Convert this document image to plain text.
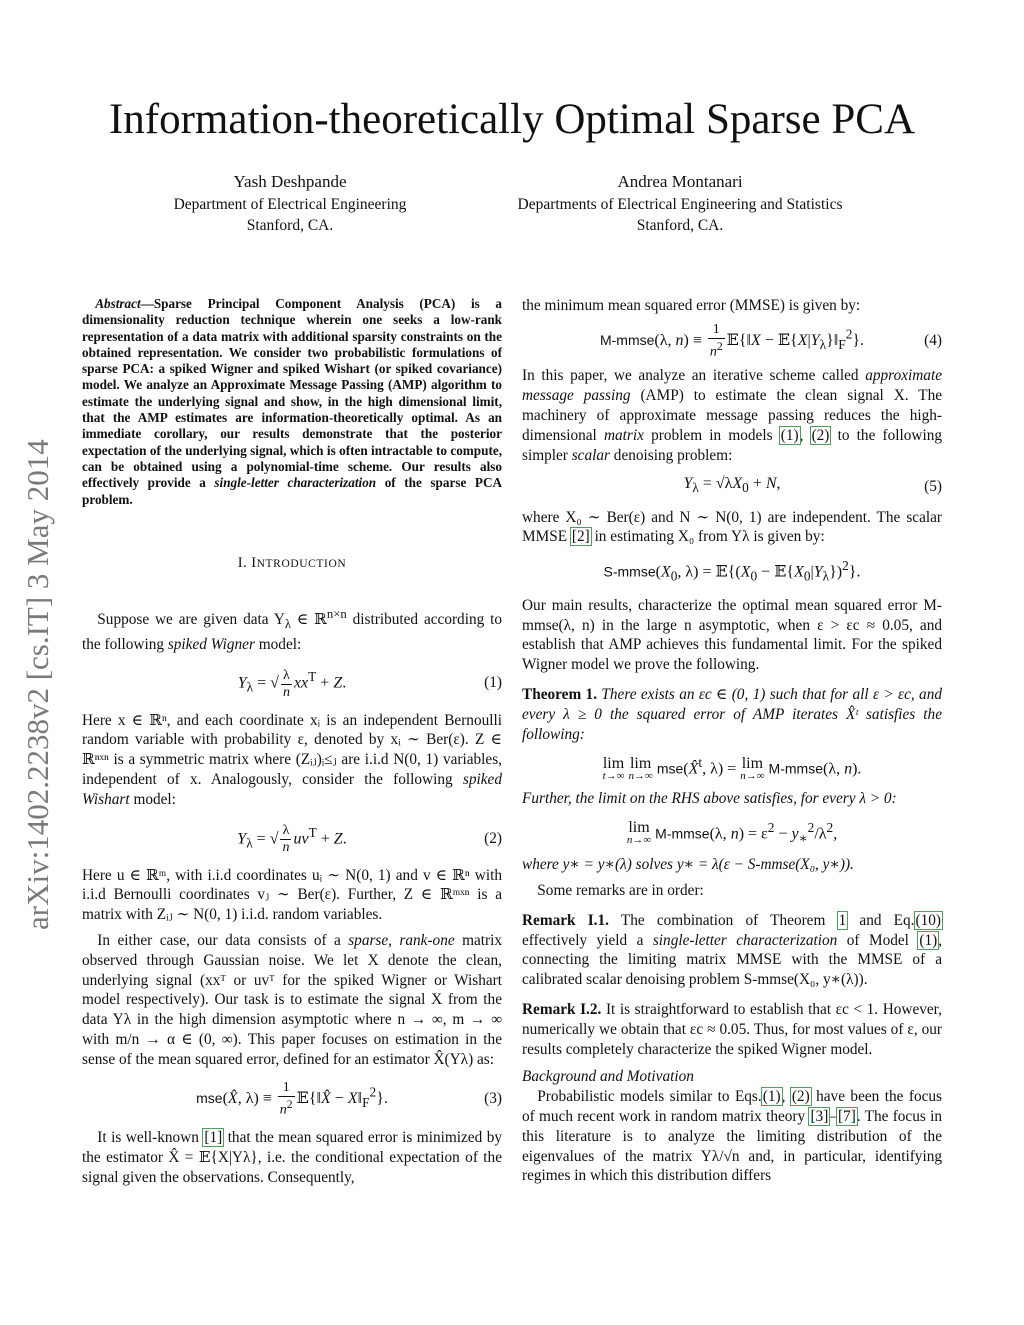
Information-theoretically Optimal Sparse PCA
Yash Deshpande
Department of Electrical Engineering
Stanford, CA.
Andrea Montanari
Departments of Electrical Engineering and Statistics
Stanford, CA.
arXiv:1402.2238v2 [cs.IT] 3 May 2014

Abstract—Sparse Principal Component Analysis (PCA) is a dimensionality reduction technique wherein one seeks a low-rank representation of a data matrix with additional sparsity constraints on the obtained representation. We consider two probabilistic formulations of sparse PCA: a spiked Wigner and spiked Wishart (or spiked covariance) model. We analyze an Approximate Message Passing (AMP) algorithm to estimate the underlying signal and show, in the high dimensional limit, that the AMP estimates are information-theoretically optimal. As an immediate corollary, our results demonstrate that the posterior expectation of the underlying signal, which is often intractable to compute, can be obtained using a polynomial-time scheme. Our results also effectively provide a single-letter characterization of the sparse PCA problem.

I. INTRODUCTION

Suppose we are given data $Y_\lambda$ ∈ ℝ$^{n\times n}$ distributed according to the following spiked Wigner model:

$Y_\lambda$ = √ $\frac{\lambda}{n} xx^T + Z$.	(1)

Here x ∈ ℝⁿ, and each coordinate xᵢ is an independent Bernoulli random variable with probability ε, denoted by xᵢ ∼ Ber(ε). Z ∈ ℝⁿˣⁿ is a symmetric matrix where (Zᵢⱼ)ᵢ≤ⱼ are i.i.d N(0, 1) variables, independent of x. Analogously, consider the following spiked Wishart model:

$Y_\lambda$ = √ $\frac{\lambda}{n} uv^T + Z$.	(2)

Here u ∈ ℝᵐ, with i.i.d coordinates uᵢ ∼ N(0, 1) and v ∈ ℝⁿ with i.i.d Bernoulli coordinates vⱼ ∼ Ber(ε). Further, Z ∈ ℝᵐˣⁿ is a matrix with Zᵢⱼ ∼ N(0, 1) i.i.d. random variables.

In either case, our data consists of a sparse, rank-one matrix observed through Gaussian noise. We let X denote the clean, underlying signal (xxᵀ or uvᵀ for the spiked Wigner or Wishart model respectively). Our task is to estimate the signal X from the data Yλ in the high dimension asymptotic where n → ∞, m → ∞ with m/n → α ∈ (0, ∞). This paper focuses on estimation in the sense of the mean squared error, defined for an estimator X̂(Yλ) as:

mse(X̂, $\lambda) \equiv \frac{1}{n^2}$ 𝔼{‖X̂ − $X‖_F^2$}.	(3)

It is well-known [1] that the mean squared error is minimized by the estimator X̂ = 𝔼{X|Yλ}, i.e. the conditional expectation of the signal given the observations. Consequently,

the minimum mean squared error (MMSE) is given by:

M-mmse(λ, $n) \equiv \frac{1}{n^2}$ 𝔼{‖X − $𝔼\{X|Y_\lambda\}‖_F^2$}.	(4)

In this paper, we analyze an iterative scheme called approximate message passing (AMP) to estimate the clean signal X. The machinery of approximate message passing reduces the high-dimensional matrix problem in models (1), (2) to the following simpler scalar denoising problem:

$Y_\lambda = √\lambda X_0 + N$,	(5)

where X₀ ∼ Ber(ε) and N ∼ N(0, 1) are independent. The scalar MMSE [2] in estimating X₀ from Yλ is given by:

$S-mmse(X_0$, $\lambda) = 𝔼\{(X_0$ − $𝔼\{X_0|Y_\lambda\})^2$}.

Our main results, characterize the optimal mean squared error M-mmse(λ, n) in the large n asymptotic, when ε > εc ≈ 0.05, and establish that AMP achieves this fundamental limit. For the spiked Wigner model we prove the following.

Theorem 1. There exists an εc ∈ (0, 1) such that for all ε > εc, and every λ ≥ 0 the squared error of AMP iterates X̂ᵗ satisfies the following:

lim
t→∞
lim
n→∞ mse(X̂$^t$, λ) = lim
n→∞ M-mmse(λ, n).

Further, the limit on the RHS above satisfies, for every λ > 0:

lim
n→∞ M-mmse(λ, $n) = \varepsilon^2 - y_∗^2/\lambda^2$,

where y∗ = y∗(λ) solves y∗ = λ(ε − S-mmse(X₀, y∗)).

Some remarks are in order:

Remark I.1. The combination of Theorem 1 and Eq.(10) effectively yield a single-letter characterization of Model (1), connecting the limiting matrix MMSE with the MMSE of a calibrated scalar denoising problem S-mmse(X₀, y∗(λ)).

Remark I.2. It is straightforward to establish that εc < 1. However, numerically we obtain that εc ≈ 0.05. Thus, for most values of ε, our results completely characterize the spiked Wigner model.

Background and Motivation

Probabilistic models similar to Eqs.(1), (2) have been the focus of much recent work in random matrix theory [3]–[7]. The focus in this literature is to analyze the limiting distribution of the eigenvalues of the matrix Yλ/√n and, in particular, identifying regimes in which this distribution differs
